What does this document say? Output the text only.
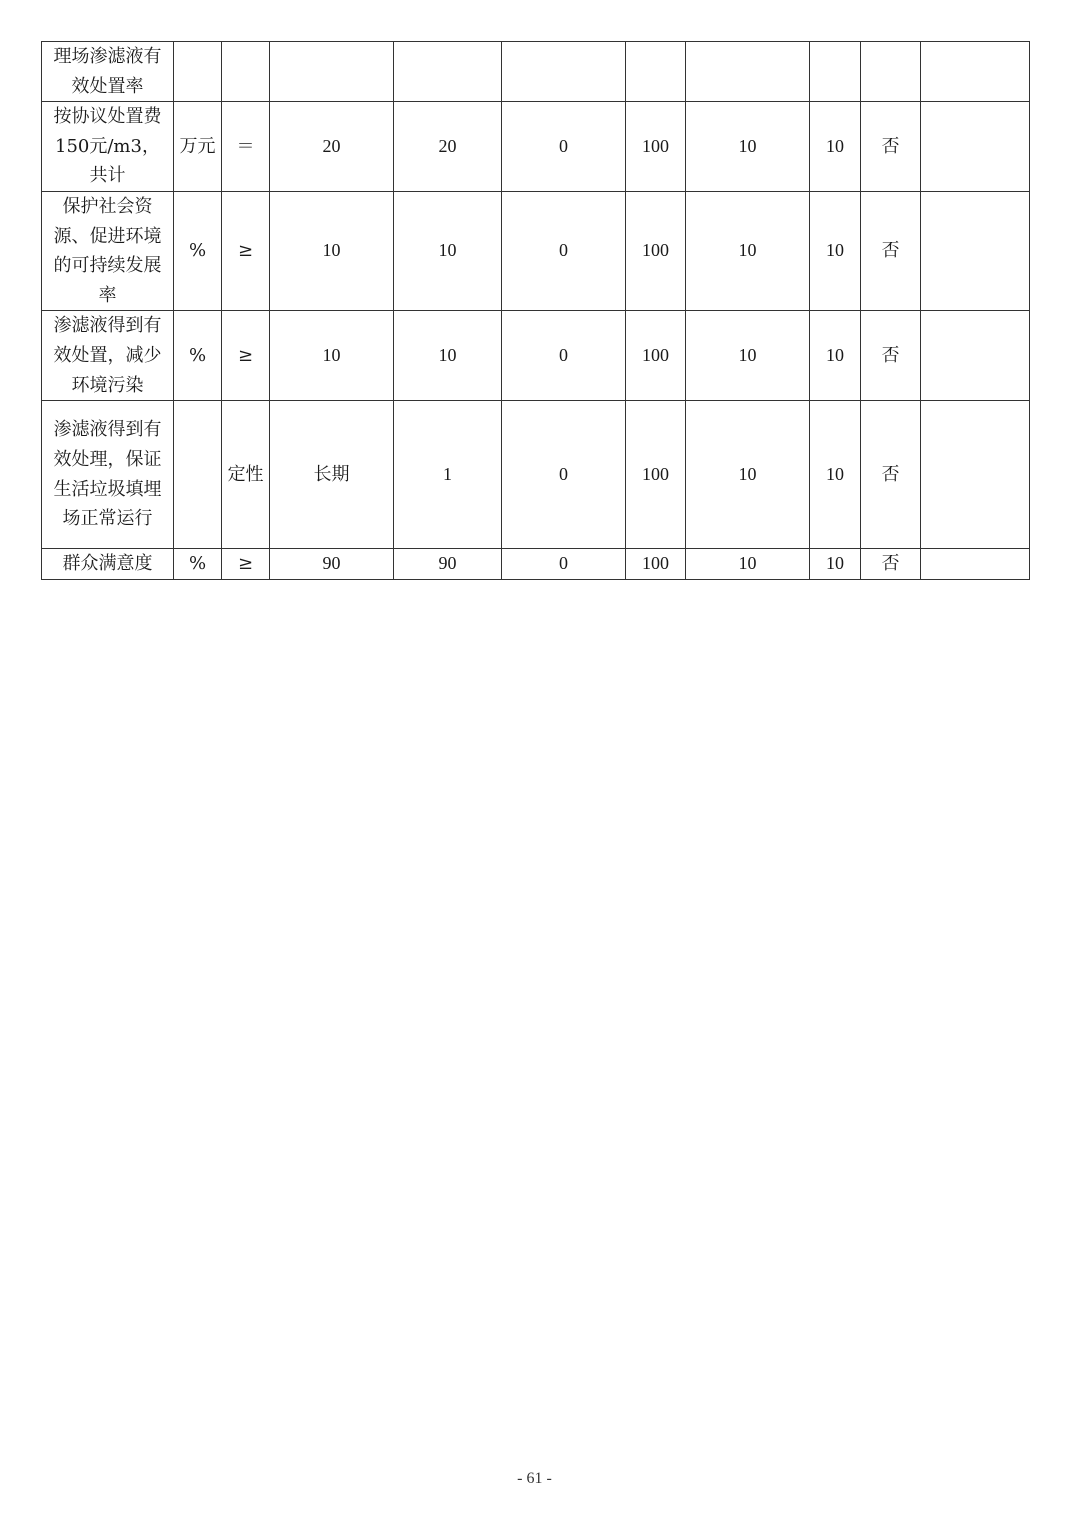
理场渗滤液有效处置率										
按协议处置费150元/m3，共计	万元	＝	20	20	0	100	10	10	否	
保护社会资源、促进环境的可持续发展率	%	≥	10	10	0	100	10	10	否	
渗滤液得到有效处置，减少环境污染	%	≥	10	10	0	100	10	10	否	
渗滤液得到有效处理，保证生活垃圾填埋场正常运行		定性	长期	1	0	100	10	10	否	
群众满意度	%	≥	90	90	0	100	10	10	否	
- 61 -
